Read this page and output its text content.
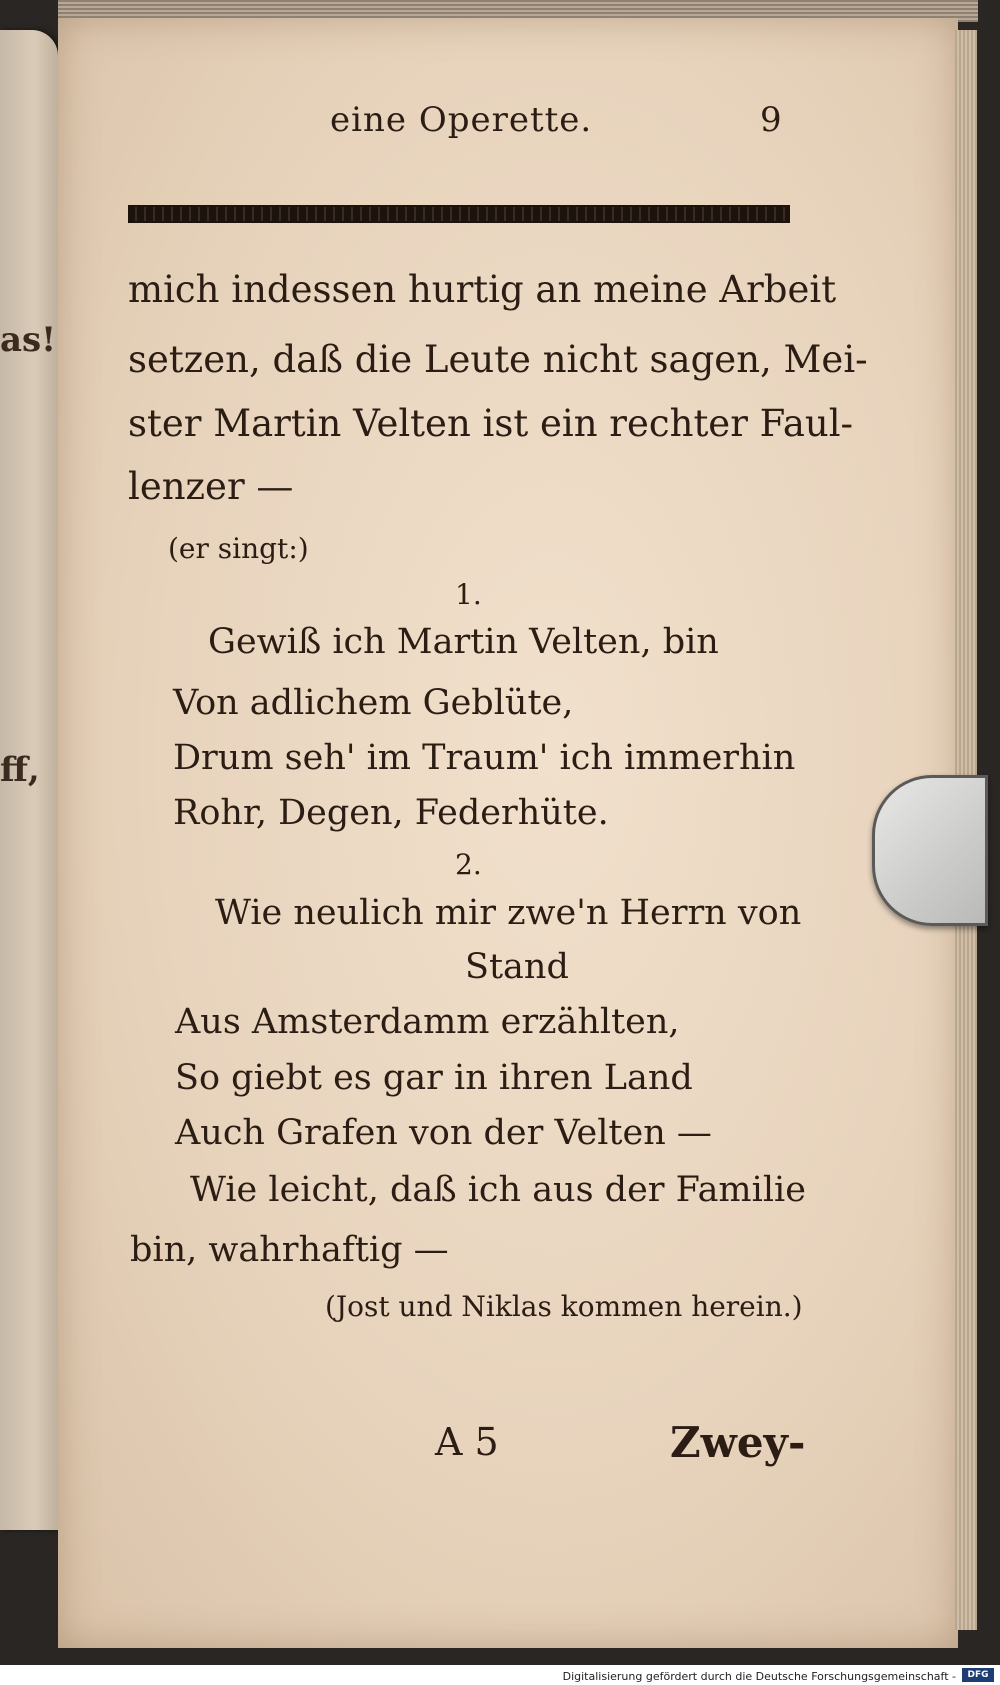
as!
ff,
eine Operette.	9
mich indessen hurtig an meine Arbeit
setzen, daß die Leute nicht sagen, Mei-
ster Martin Velten ist ein rechter Faul-
lenzer —
(er singt:)
1.
Gewiß ich Martin Velten, bin
Von adlichem Geblüte,
Drum seh' im Traum' ich immerhin
Rohr, Degen, Federhüte.
2.
Wie neulich mir zwe'n Herrn von
Stand
Aus Amsterdamm erzählten,
So giebt es gar in ihren Land
Auch Grafen von der Velten —
Wie leicht, daß ich aus der Familie
bin, wahrhaftig —
(Jost und Niklas kommen herein.)
A 5	Zwey-
Digitalisierung gefördert durch die Deutsche Forschungsgemeinschaft -	DFG
